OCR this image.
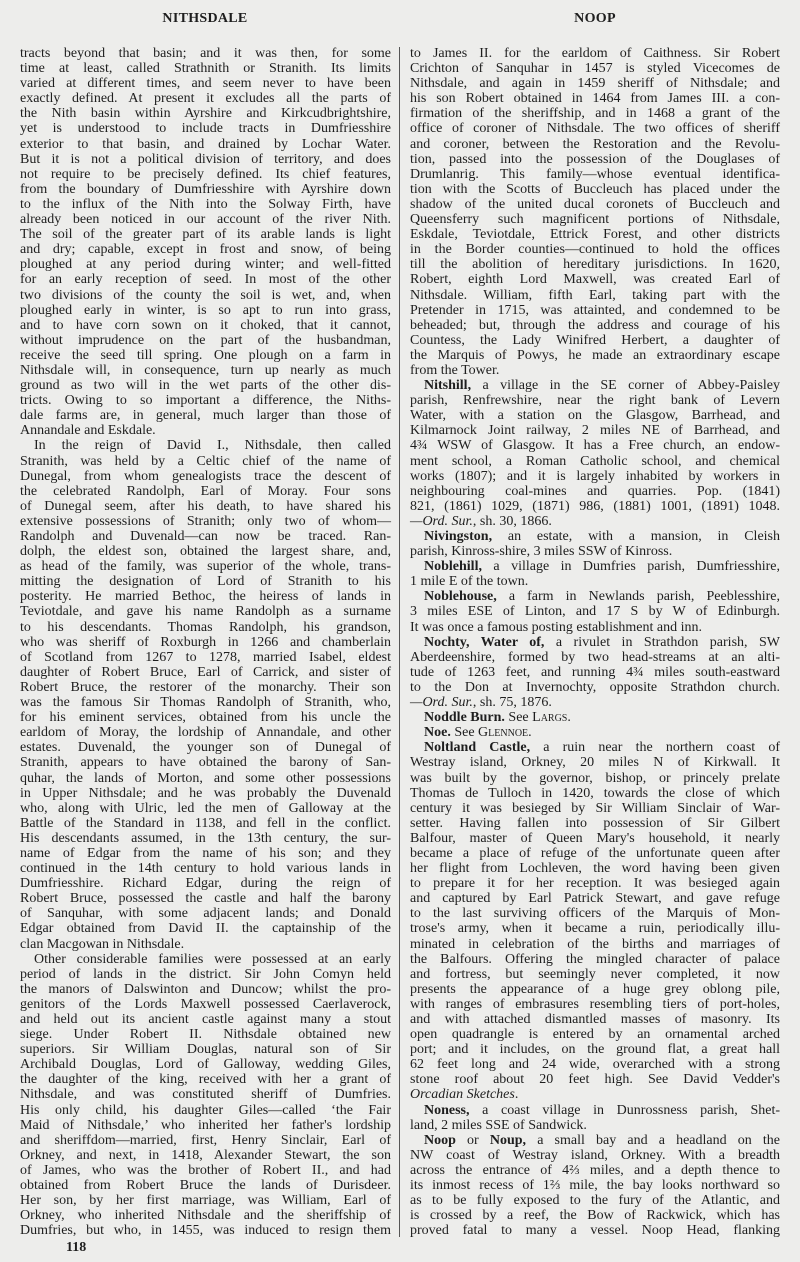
NITHSDALE	NOOP
tracts beyond that basin; and it was then, for some
time at least, called Strathnith or Stranith. Its limits
varied at different times, and seem never to have been
exactly defined. At present it excludes all the parts of
the Nith basin within Ayrshire and Kirkcudbrightshire,
yet is understood to include tracts in Dumfriesshire
exterior to that basin, and drained by Lochar Water.
But it is not a political division of territory, and does
not require to be precisely defined. Its chief features,
from the boundary of Dumfriesshire with Ayrshire down
to the influx of the Nith into the Solway Firth, have
already been noticed in our account of the river Nith.
The soil of the greater part of its arable lands is light
and dry; capable, except in frost and snow, of being
ploughed at any period during winter; and well-fitted
for an early reception of seed. In most of the other
two divisions of the county the soil is wet, and, when
ploughed early in winter, is so apt to run into grass,
and to have corn sown on it choked, that it cannot,
without imprudence on the part of the husbandman,
receive the seed till spring. One plough on a farm in
Nithsdale will, in consequence, turn up nearly as much
ground as two will in the wet parts of the other dis-
tricts. Owing to so important a difference, the Niths-
dale farms are, in general, much larger than those of
Annandale and Eskdale.
In the reign of David I., Nithsdale, then called
Stranith, was held by a Celtic chief of the name of
Dunegal, from whom genealogists trace the descent of
the celebrated Randolph, Earl of Moray. Four sons
of Dunegal seem, after his death, to have shared his
extensive possessions of Stranith; only two of whom—
Randolph and Duvenald—can now be traced. Ran-
dolph, the eldest son, obtained the largest share, and,
as head of the family, was superior of the whole, trans-
mitting the designation of Lord of Stranith to his
posterity. He married Bethoc, the heiress of lands in
Teviotdale, and gave his name Randolph as a surname
to his descendants. Thomas Randolph, his grandson,
who was sheriff of Roxburgh in 1266 and chamberlain
of Scotland from 1267 to 1278, married Isabel, eldest
daughter of Robert Bruce, Earl of Carrick, and sister of
Robert Bruce, the restorer of the monarchy. Their son
was the famous Sir Thomas Randolph of Stranith, who,
for his eminent services, obtained from his uncle the
earldom of Moray, the lordship of Annandale, and other
estates. Duvenald, the younger son of Dunegal of
Stranith, appears to have obtained the barony of San-
quhar, the lands of Morton, and some other possessions
in Upper Nithsdale; and he was probably the Duvenald
who, along with Ulric, led the men of Galloway at the
Battle of the Standard in 1138, and fell in the conflict.
His descendants assumed, in the 13th century, the sur-
name of Edgar from the name of his son; and they
continued in the 14th century to hold various lands in
Dumfriesshire. Richard Edgar, during the reign of
Robert Bruce, possessed the castle and half the barony
of Sanquhar, with some adjacent lands; and Donald
Edgar obtained from David II. the captainship of the
clan Macgowan in Nithsdale.
Other considerable families were possessed at an early
period of lands in the district. Sir John Comyn held
the manors of Dalswinton and Duncow; whilst the pro-
genitors of the Lords Maxwell possessed Caerlaverock,
and held out its ancient castle against many a stout
siege. Under Robert II. Nithsdale obtained new
superiors. Sir William Douglas, natural son of Sir
Archibald Douglas, Lord of Galloway, wedding Giles,
the daughter of the king, received with her a grant of
Nithsdale, and was constituted sheriff of Dumfries.
His only child, his daughter Giles—called ‘the Fair
Maid of Nithsdale,’ who inherited her father's lordship
and sheriffdom—married, first, Henry Sinclair, Earl of
Orkney, and next, in 1418, Alexander Stewart, the son
of James, who was the brother of Robert II., and had
obtained from Robert Bruce the lands of Durisdeer.
Her son, by her first marriage, was William, Earl of
Orkney, who inherited Nithsdale and the sheriffship of
Dumfries, but who, in 1455, was induced to resign them
to James II. for the earldom of Caithness. Sir Robert
Crichton of Sanquhar in 1457 is styled Vicecomes de
Nithsdale, and again in 1459 sheriff of Nithsdale; and
his son Robert obtained in 1464 from James III. a con-
firmation of the sheriffship, and in 1468 a grant of the
office of coroner of Nithsdale. The two offices of sheriff
and coroner, between the Restoration and the Revolu-
tion, passed into the possession of the Douglases of
Drumlanrig. This family—whose eventual identifica-
tion with the Scotts of Buccleuch has placed under the
shadow of the united ducal coronets of Buccleuch and
Queensferry such magnificent portions of Nithsdale,
Eskdale, Teviotdale, Ettrick Forest, and other districts
in the Border counties—continued to hold the offices
till the abolition of hereditary jurisdictions. In 1620,
Robert, eighth Lord Maxwell, was created Earl of
Nithsdale. William, fifth Earl, taking part with the
Pretender in 1715, was attainted, and condemned to be
beheaded; but, through the address and courage of his
Countess, the Lady Winifred Herbert, a daughter of
the Marquis of Powys, he made an extraordinary escape
from the Tower.
Nitshill, a village in the SE corner of Abbey-Paisley
parish, Renfrewshire, near the right bank of Levern
Water, with a station on the Glasgow, Barrhead, and
Kilmarnock Joint railway, 2 miles NE of Barrhead, and
4¾ WSW of Glasgow. It has a Free church, an endow-
ment school, a Roman Catholic school, and chemical
works (1807); and it is largely inhabited by workers in
neighbouring coal-mines and quarries. Pop. (1841)
821, (1861) 1029, (1871) 986, (1881) 1001, (1891) 1048.
—Ord. Sur., sh. 30, 1866.
Nivingston, an estate, with a mansion, in Cleish
parish, Kinross-shire, 3 miles SSW of Kinross.
Noblehill, a village in Dumfries parish, Dumfriesshire,
1 mile E of the town.
Noblehouse, a farm in Newlands parish, Peeblesshire,
3 miles ESE of Linton, and 17 S by W of Edinburgh.
It was once a famous posting establishment and inn.
Nochty, Water of, a rivulet in Strathdon parish, SW
Aberdeenshire, formed by two head-streams at an alti-
tude of 1263 feet, and running 4¾ miles south-eastward
to the Don at Invernochty, opposite Strathdon church.
—Ord. Sur., sh. 75, 1876.
Noddle Burn. See Largs.
Noe. See Glennoe.
Noltland Castle, a ruin near the northern coast of
Westray island, Orkney, 20 miles N of Kirkwall. It
was built by the governor, bishop, or princely prelate
Thomas de Tulloch in 1420, towards the close of which
century it was besieged by Sir William Sinclair of War-
setter. Having fallen into possession of Sir Gilbert
Balfour, master of Queen Mary's household, it nearly
became a place of refuge of the unfortunate queen after
her flight from Lochleven, the word having been given
to prepare it for her reception. It was besieged again
and captured by Earl Patrick Stewart, and gave refuge
to the last surviving officers of the Marquis of Mon-
trose's army, when it became a ruin, periodically illu-
minated in celebration of the births and marriages of
the Balfours. Offering the mingled character of palace
and fortress, but seemingly never completed, it now
presents the appearance of a huge grey oblong pile,
with ranges of embrasures resembling tiers of port-holes,
and with attached dismantled masses of masonry. Its
open quadrangle is entered by an ornamental arched
port; and it includes, on the ground flat, a great hall
62 feet long and 24 wide, overarched with a strong
stone roof about 20 feet high. See David Vedder's
Orcadian Sketches.
Noness, a coast village in Dunrossness parish, Shet-
land, 2 miles SSE of Sandwick.
Noop or Noup, a small bay and a headland on the
NW coast of Westray island, Orkney. With a breadth
across the entrance of 4⅔ miles, and a depth thence to
its inmost recess of 1⅔ mile, the bay looks northward so
as to be fully exposed to the fury of the Atlantic, and
is crossed by a reef, the Bow of Rackwick, which has
proved fatal to many a vessel. Noop Head, flanking
118
